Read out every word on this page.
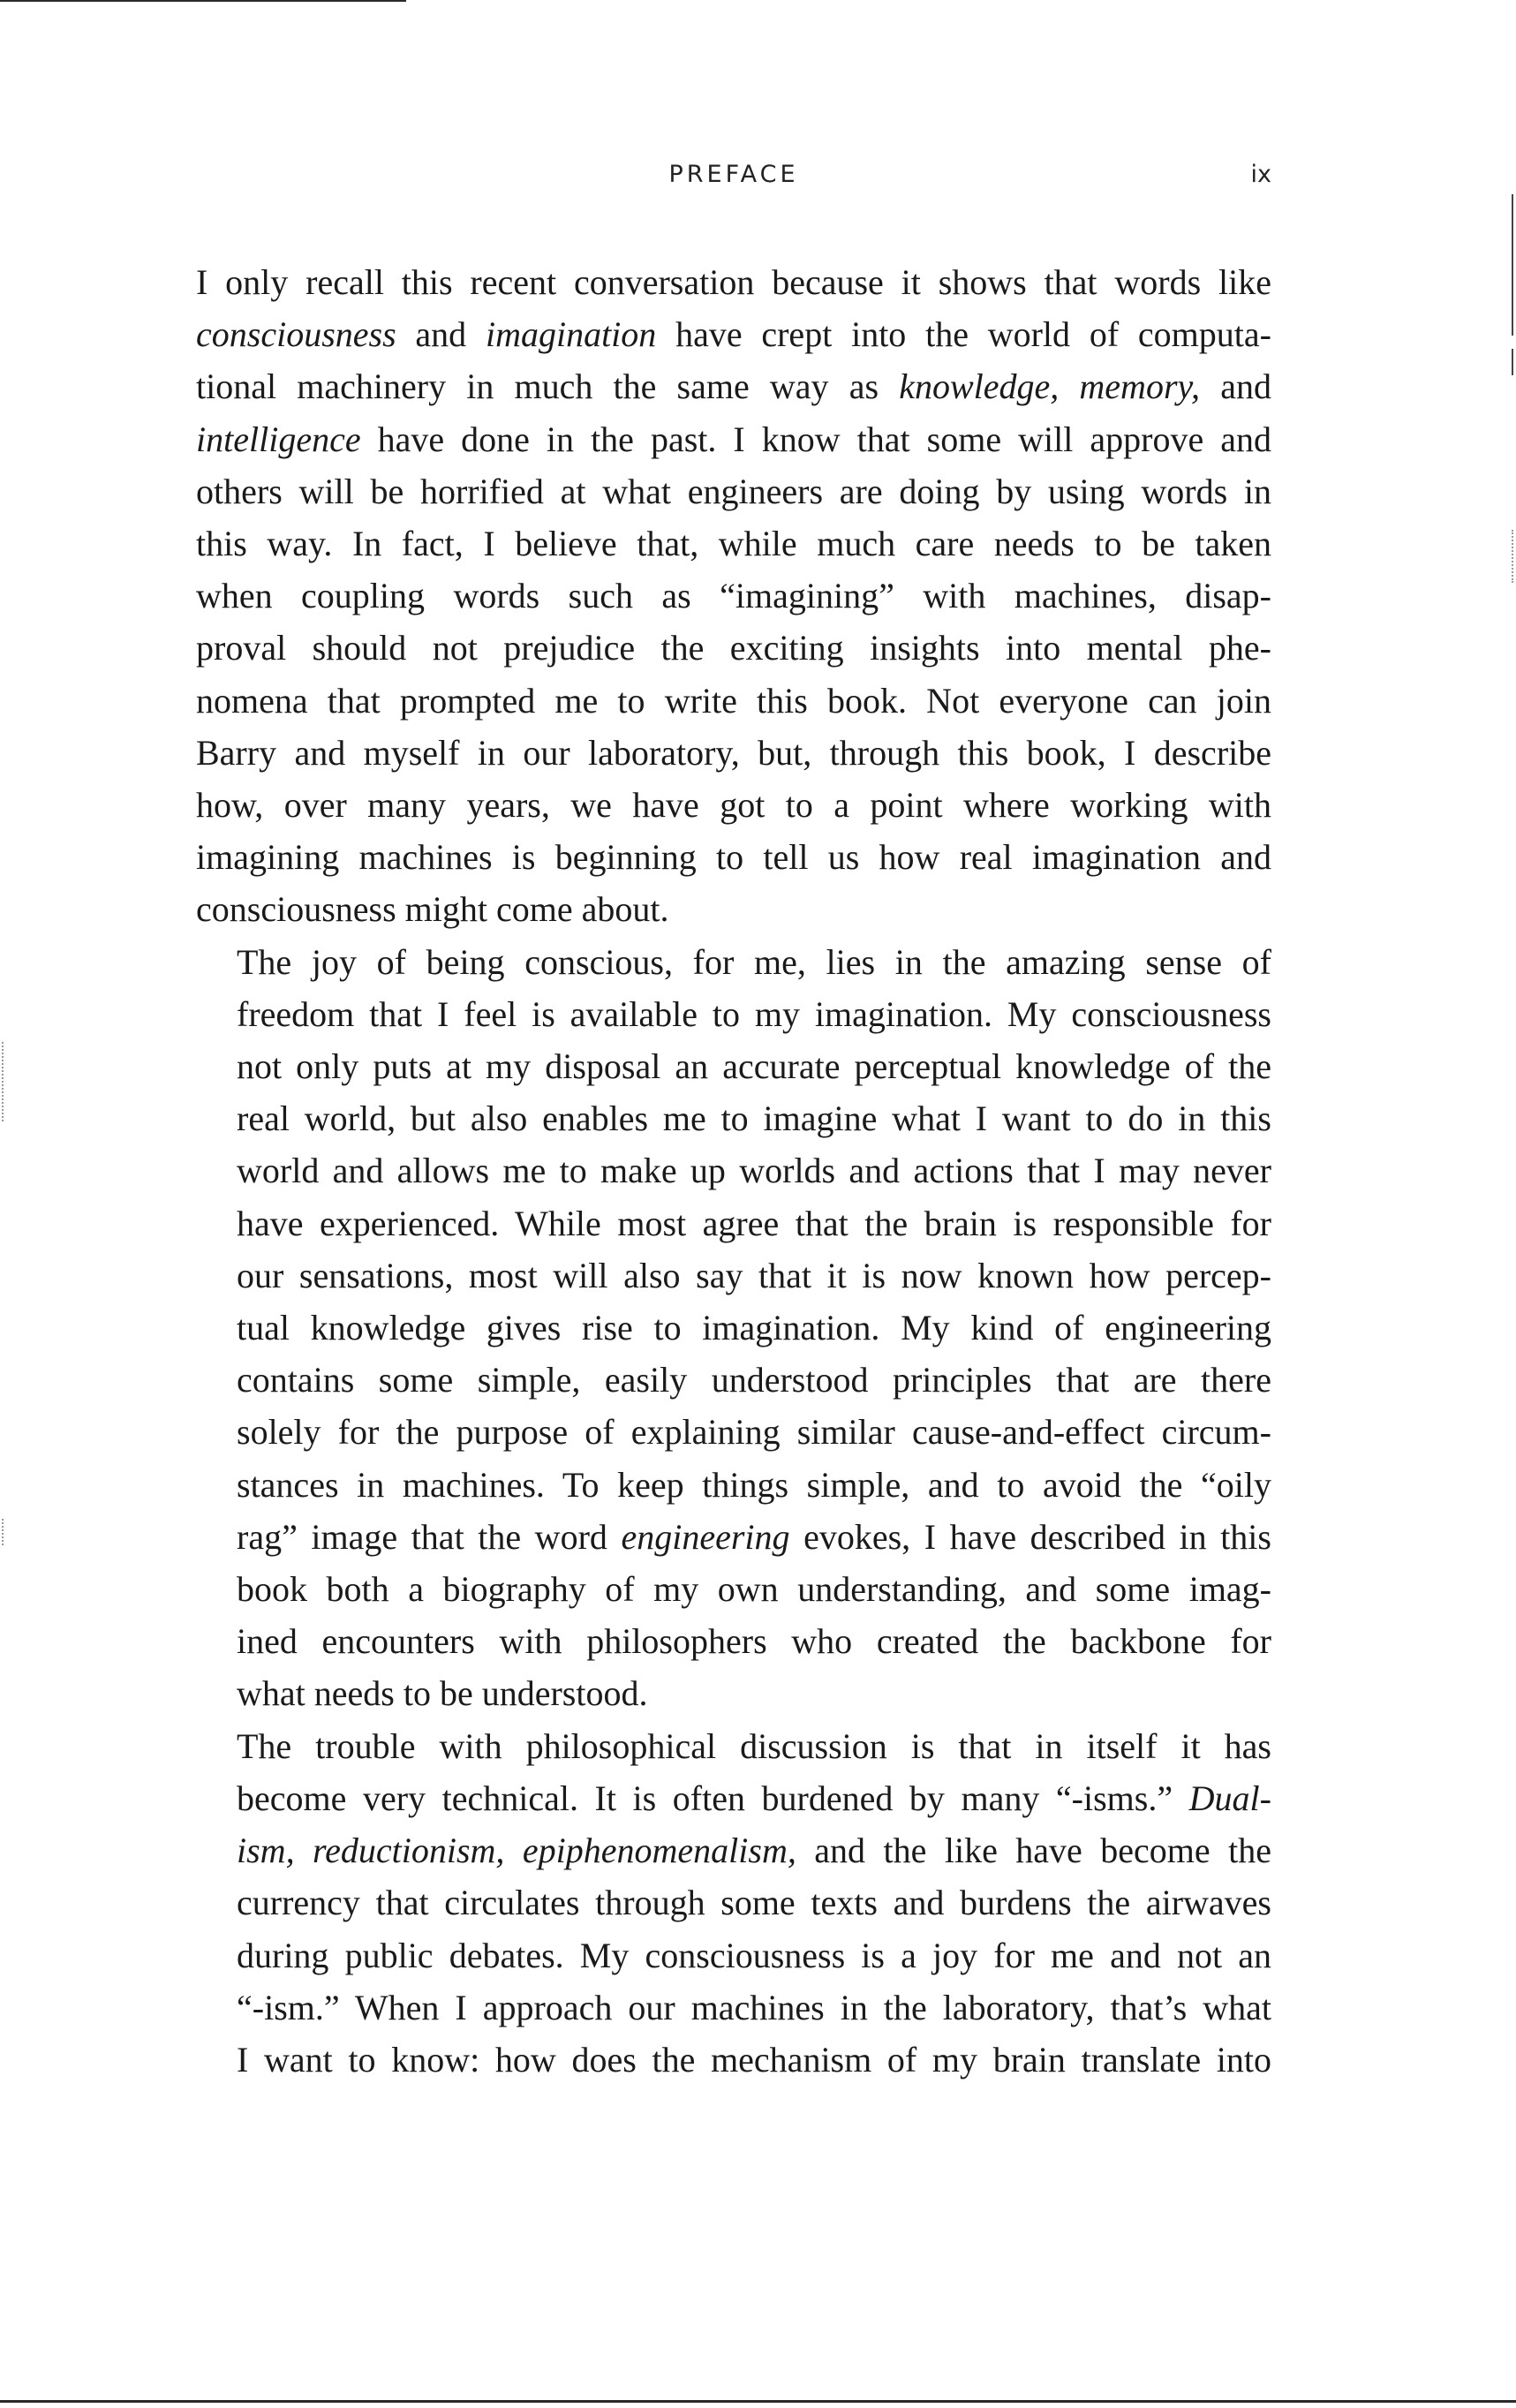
PREFACE	ix

I only recall this recent conversation because it shows that words like
consciousness and imagination have crept into the world of computa-
tional machinery in much the same way as knowledge, memory, and
intelligence have done in the past. I know that some will approve and
others will be horrified at what engineers are doing by using words in
this way. In fact, I believe that, while much care needs to be taken
when coupling words such as “imagining” with machines, disap-
proval should not prejudice the exciting insights into mental phe-
nomena that prompted me to write this book. Not everyone can join
Barry and myself in our laboratory, but, through this book, I describe
how, over many years, we have got to a point where working with
imagining machines is beginning to tell us how real imagination and
consciousness might come about.

The joy of being conscious, for me, lies in the amazing sense of
freedom that I feel is available to my imagination. My consciousness
not only puts at my disposal an accurate perceptual knowledge of the
real world, but also enables me to imagine what I want to do in this
world and allows me to make up worlds and actions that I may never
have experienced. While most agree that the brain is responsible for
our sensations, most will also say that it is now known how percep-
tual knowledge gives rise to imagination. My kind of engineering
contains some simple, easily understood principles that are there
solely for the purpose of explaining similar cause-and-effect circum-
stances in machines. To keep things simple, and to avoid the “oily
rag” image that the word engineering evokes, I have described in this
book both a biography of my own understanding, and some imag-
ined encounters with philosophers who created the backbone for
what needs to be understood.

The trouble with philosophical discussion is that in itself it has
become very technical. It is often burdened by many “-isms.” Dual-
ism, reductionism, epiphenomenalism, and the like have become the
currency that circulates through some texts and burdens the airwaves
during public debates. My consciousness is a joy for me and not an
“-ism.” When I approach our machines in the laboratory, that’s what
I want to know: how does the mechanism of my brain translate into
